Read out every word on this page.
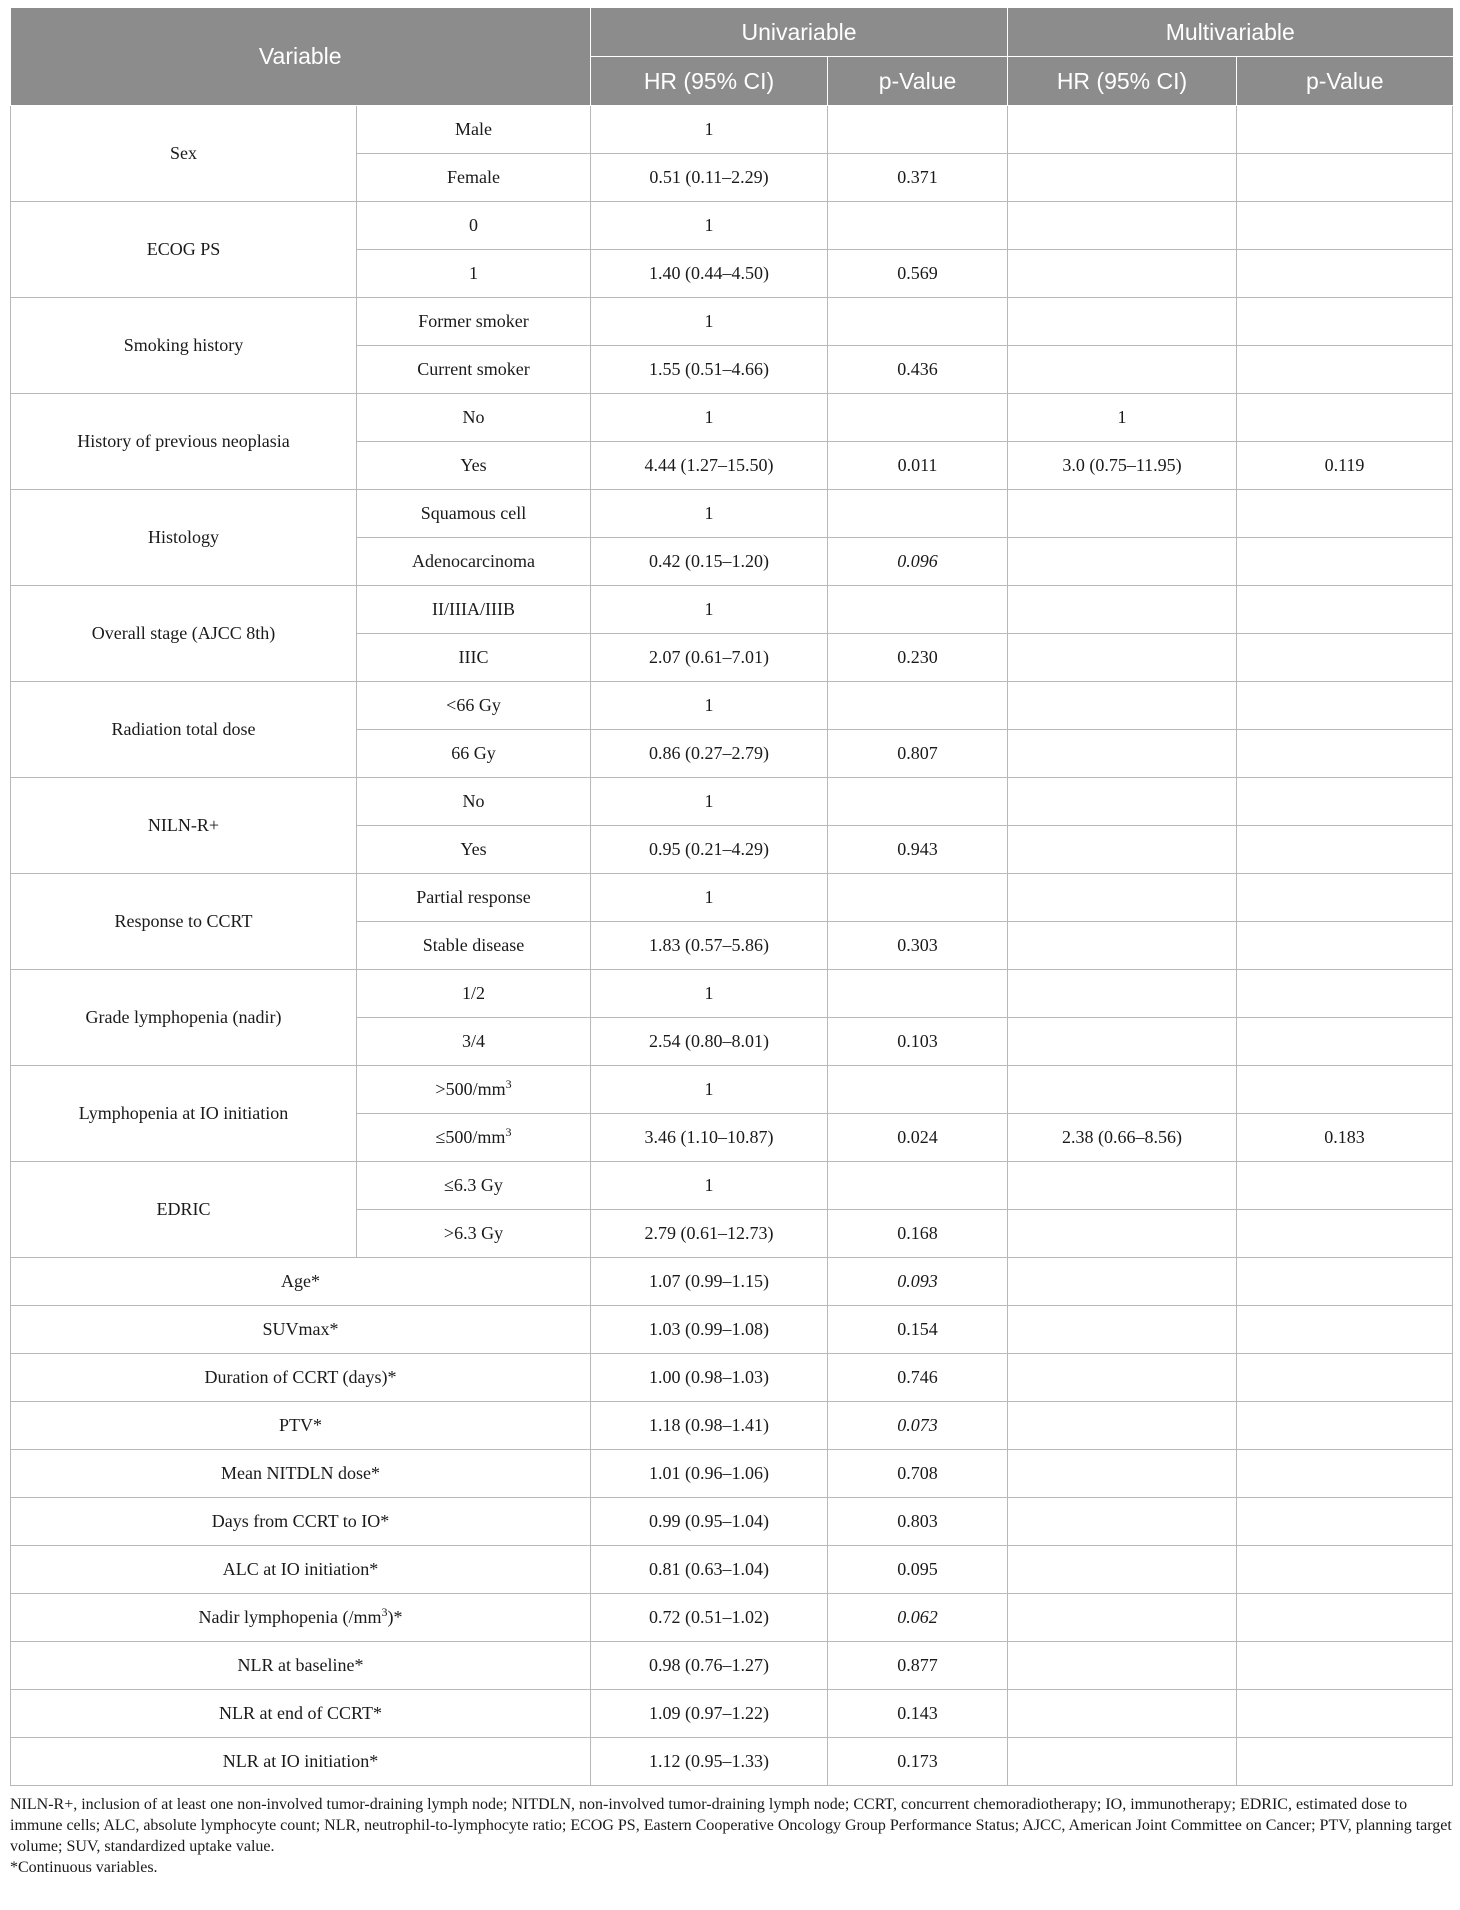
Variable		Univariable		Multivariable	
		HR (95% CI)	p-Value	HR (95% CI)	p-Value
Sex	Male	1			
	Female	0.51 (0.11–2.29)	0.371		
ECOG PS	0	1			
	1	1.40 (0.44–4.50)	0.569		
Smoking history	Former smoker	1			
	Current smoker	1.55 (0.51–4.66)	0.436		
History of previous neoplasia	No	1		1	
	Yes	4.44 (1.27–15.50)	0.011	3.0 (0.75–11.95)	0.119
Histology	Squamous cell	1			
	Adenocarcinoma	0.42 (0.15–1.20)	0.096		
Overall stage (AJCC 8th)	II/IIIA/IIIB	1			
	IIIC	2.07 (0.61–7.01)	0.230		
Radiation total dose	<66 Gy	1			
	66 Gy	0.86 (0.27–2.79)	0.807		
NILN-R+	No	1			
	Yes	0.95 (0.21–4.29)	0.943		
Response to CCRT	Partial response	1			
	Stable disease	1.83 (0.57–5.86)	0.303		
Grade lymphopenia (nadir)	1/2	1			
	3/4	2.54 (0.80–8.01)	0.103		
Lymphopenia at IO initiation	$>500/mm^3$	1			
	$\le 500/mm^3$	3.46 (1.10–10.87)	0.024	2.38 (0.66–8.56)	0.183
EDRIC	≤6.3 Gy	1			
	>6.3 Gy	2.79 (0.61–12.73)	0.168		
Age*		1.07 (0.99–1.15)	0.093		
SUVmax*		1.03 (0.99–1.08)	0.154		
Duration of CCRT (days)*		1.00 (0.98–1.03)	0.746		
PTV*		1.18 (0.98–1.41)	0.073		
Mean NITDLN dose*		1.01 (0.96–1.06)	0.708		
Days from CCRT to IO*		0.99 (0.95–1.04)	0.803		
ALC at IO initiation*		0.81 (0.63–1.04)	0.095		
Nadir lymphopenia $(/mm^3)*$		0.72 (0.51–1.02)	0.062		
NLR at baseline*		0.98 (0.76–1.27)	0.877		
NLR at end of CCRT*		1.09 (0.97–1.22)	0.143		
NLR at IO initiation*		1.12 (0.95–1.33)	0.173		

NILN-R+, inclusion of at least one non-involved tumor-draining lymph node; NITDLN, non-involved tumor-draining lymph node; CCRT, concurrent chemoradiotherapy; IO, immunotherapy; EDRIC, estimated dose to immune cells; ALC, absolute lymphocyte count; NLR, neutrophil-to-lymphocyte ratio; ECOG PS, Eastern Cooperative Oncology Group Performance Status; AJCC, American Joint Committee on Cancer; PTV, planning target volume; SUV, standardized uptake value.

*Continuous variables.
